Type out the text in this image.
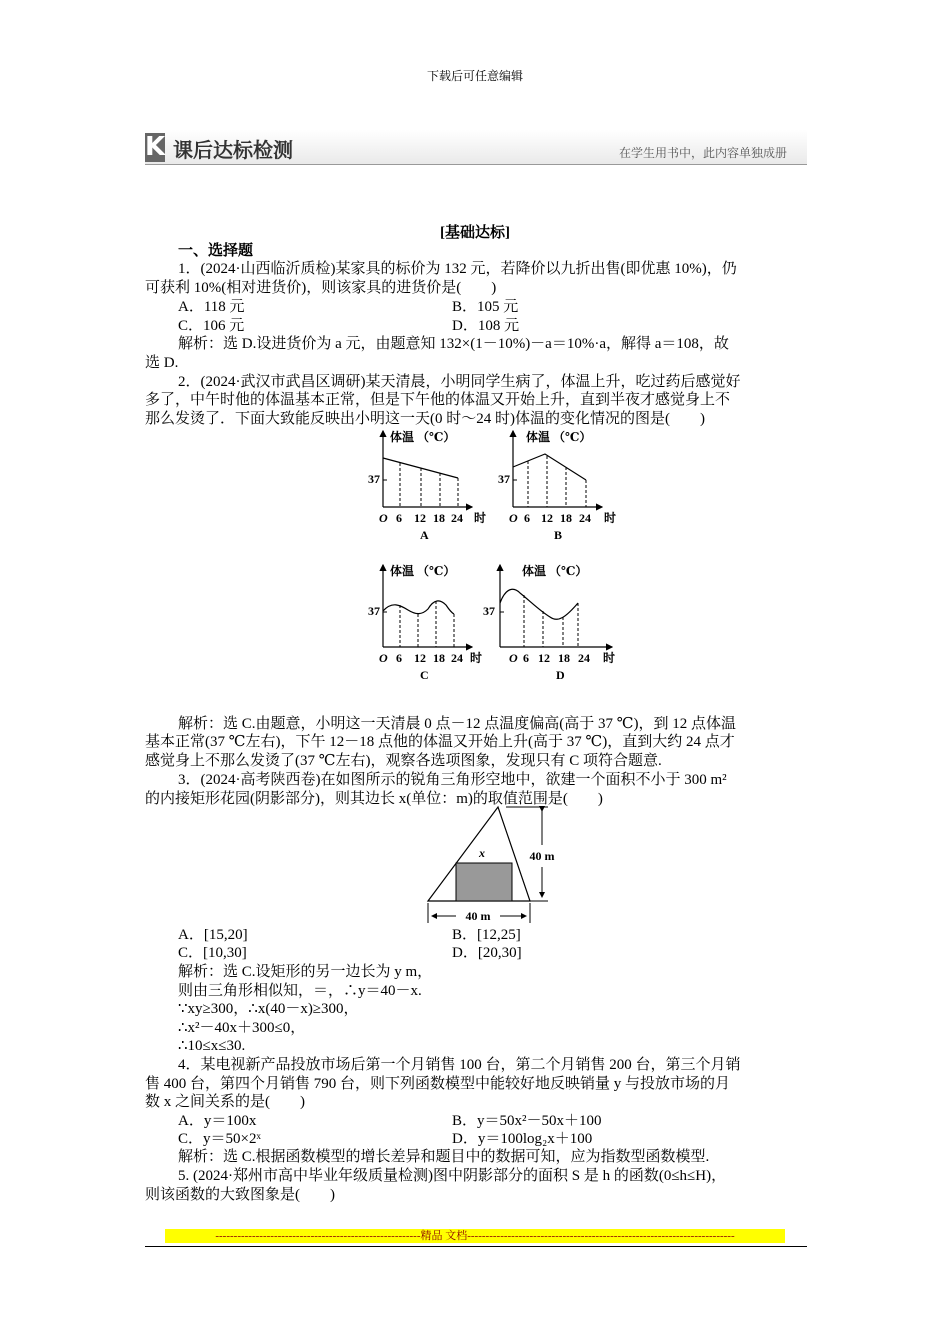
下载后可任意编辑
K 课后达标检测	在学生用书中，此内容单独成册
[基础达标]
一、选择题
1．(2024·山西临沂质检)某家具的标价为 132 元，若降价以九折出售(即优惠 10%)，仍
可获利 10%(相对进货价)，则该家具的进货价是(　　)
A．118 元	B．105 元
C．106 元	D．108 元
解析：选 D.设进货价为 a 元，由题意知 132×(1－10%)－a＝10%·a，解得 a＝108，故
选 D.
2．(2024·武汉市武昌区调研)某天清晨，小明同学生病了，体温上升，吃过药后感觉好
多了，中午时他的体温基本正常，但是下午他的体温又开始上升，直到半夜才感觉身上不
那么发烫了．下面大致能反映出小明这一天(0 时～24 时)体温的变化情况的图是(　　)
体温 （℃）
37
O 6 12 18 24 时
A
体温 （℃）
37
O 6 12 18 24 时
B
体温 （℃）
37
O 6 12 18 24 时
C
体温 （℃）
37
O 6 12 18 24 时
D
解析：选 C.由题意，小明这一天清晨 0 点－12 点温度偏高(高于 37 ℃)，到 12 点体温
基本正常(37 ℃左右)，下午 12－18 点他的体温又开始上升(高于 37 ℃)，直到大约 24 点才
感觉身上不那么发烫了(37 ℃左右)，观察各选项图象，发现只有 C 项符合题意.
3．(2024·高考陕西卷)在如图所示的锐角三角形空地中，欲建一个面积不小于 300 m²
的内接矩形花园(阴影部分)，则其边长 x(单位：m)的取值范围是(　　)
x	40 m
40 m
A．[15,20]	B．[12,25]
C．[10,30]	D．[20,30]
解析：选 C.设矩形的另一边长为 y m，
则由三角形相似知，＝，∴y＝40－x.
∵xy≥300，∴x(40－x)≥300，
∴x²－40x＋300≤0，
∴10≤x≤30.
4．某电视新产品投放市场后第一个月销售 100 台，第二个月销售 200 台，第三个月销
售 400 台，第四个月销售 790 台，则下列函数模型中能较好地反映销量 y 与投放市场的月
数 x 之间关系的是(　　)
A．y＝100x	B．y＝50x²－50x＋100
C．y＝50×2ˣ	D．y＝100log₂x＋100
解析：选 C.根据函数模型的增长差异和题目中的数据可知，应为指数型函数模型.
5. (2024·郑州市高中毕业年级质量检测)图中阴影部分的面积 S 是 h 的函数(0≤h≤H)，
则该函数的大致图象是(　　)
--------------------------------------------------------精品 文档-------------------------------------------------------------------------
